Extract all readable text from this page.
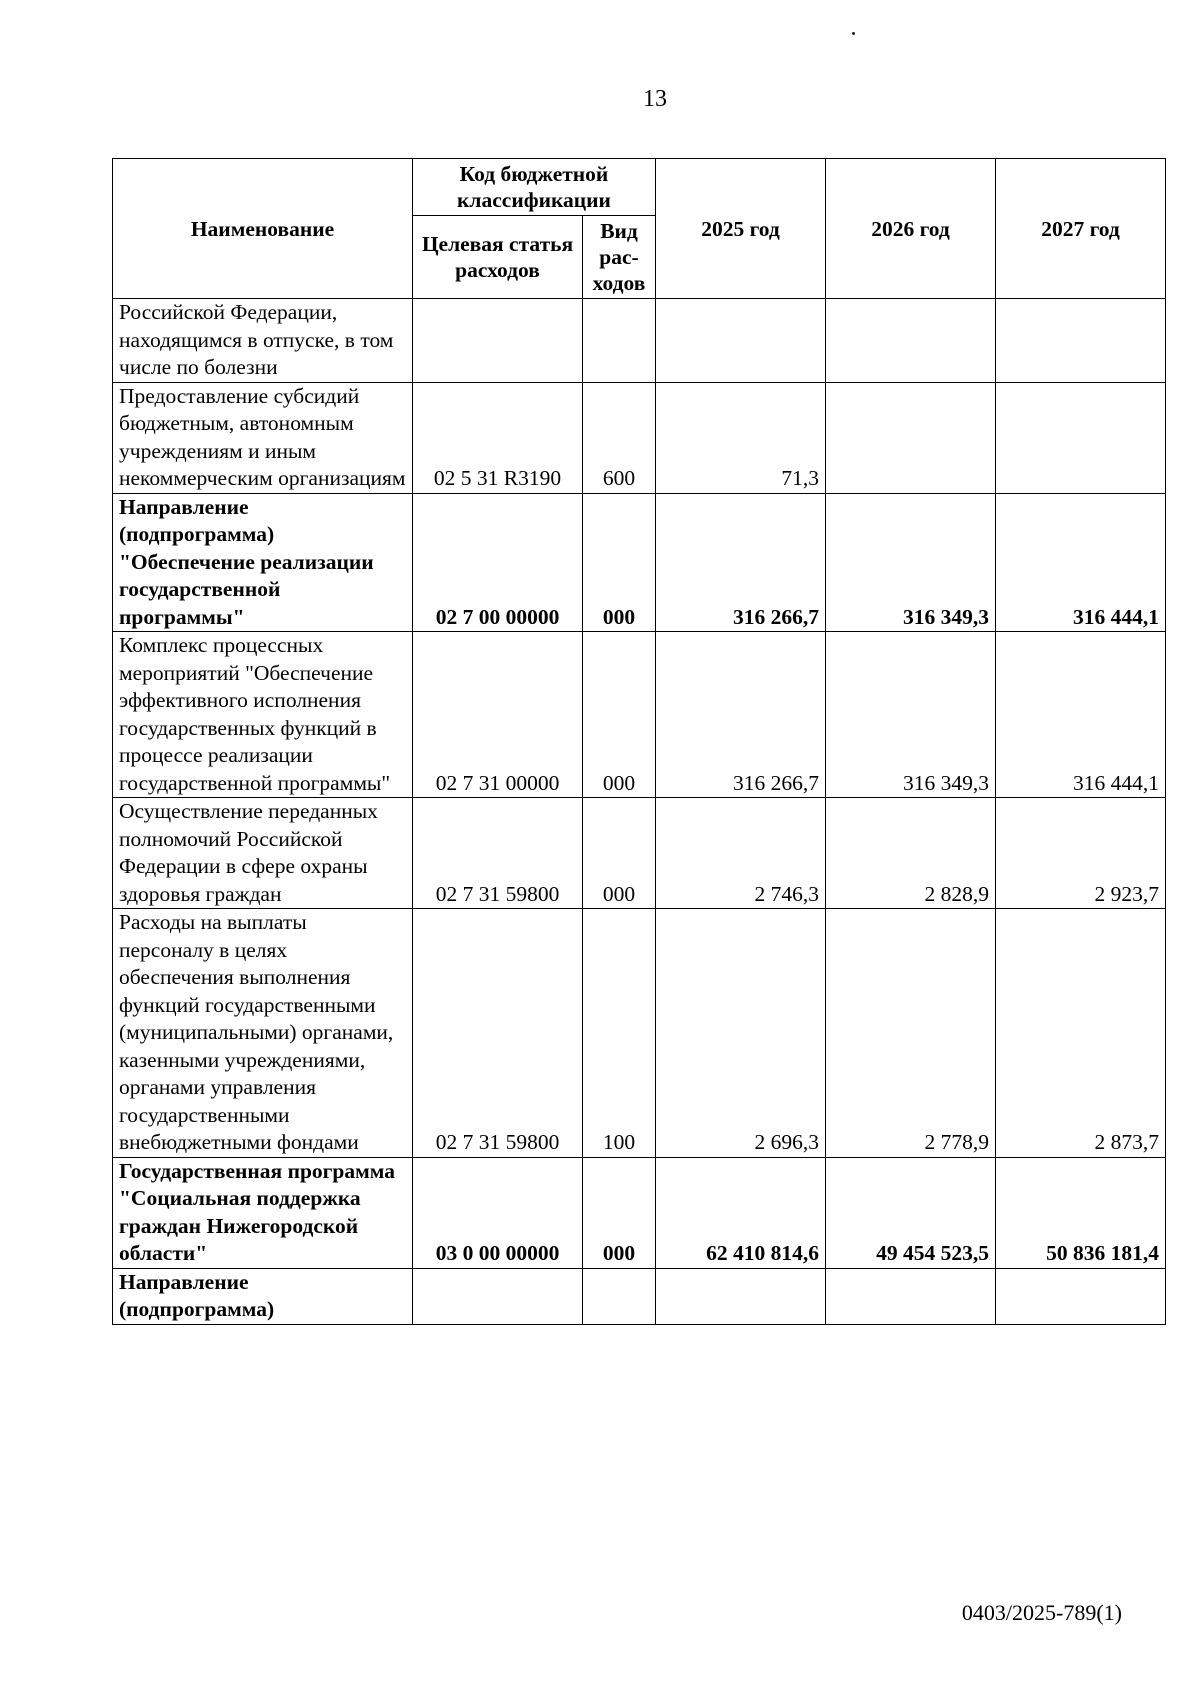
13
Наименование	Код бюджетной классификации		2025 год	2026 год	2027 год
	Целевая статья расходов	Вид рас-ходов			
Российской Федерации, находящимся в отпуске, в том числе по болезни					
Предоставление субсидий бюджетным, автономным учреждениям и иным некоммерческим организациям	02 5 31 R3190	600	71,3		
Направление (подпрограмма) "Обеспечение реализации государственной программы"	02 7 00 00000	000	316 266,7	316 349,3	316 444,1
Комплекс процессных мероприятий "Обеспечение эффективного исполнения государственных функций в процессе реализации государственной программы"	02 7 31 00000	000	316 266,7	316 349,3	316 444,1
Осуществление переданных полномочий Российской Федерации в сфере охраны здоровья граждан	02 7 31 59800	000	2 746,3	2 828,9	2 923,7
Расходы на выплаты персоналу в целях обеспечения выполнения функций государственными (муниципальными) органами, казенными учреждениями, органами управления государственными внебюджетными фондами	02 7 31 59800	100	2 696,3	2 778,9	2 873,7
Государственная программа "Социальная поддержка граждан Нижегородской области"	03 0 00 00000	000	62 410 814,6	49 454 523,5	50 836 181,4
Направление (подпрограмма)					
0403/2025-789(1)
